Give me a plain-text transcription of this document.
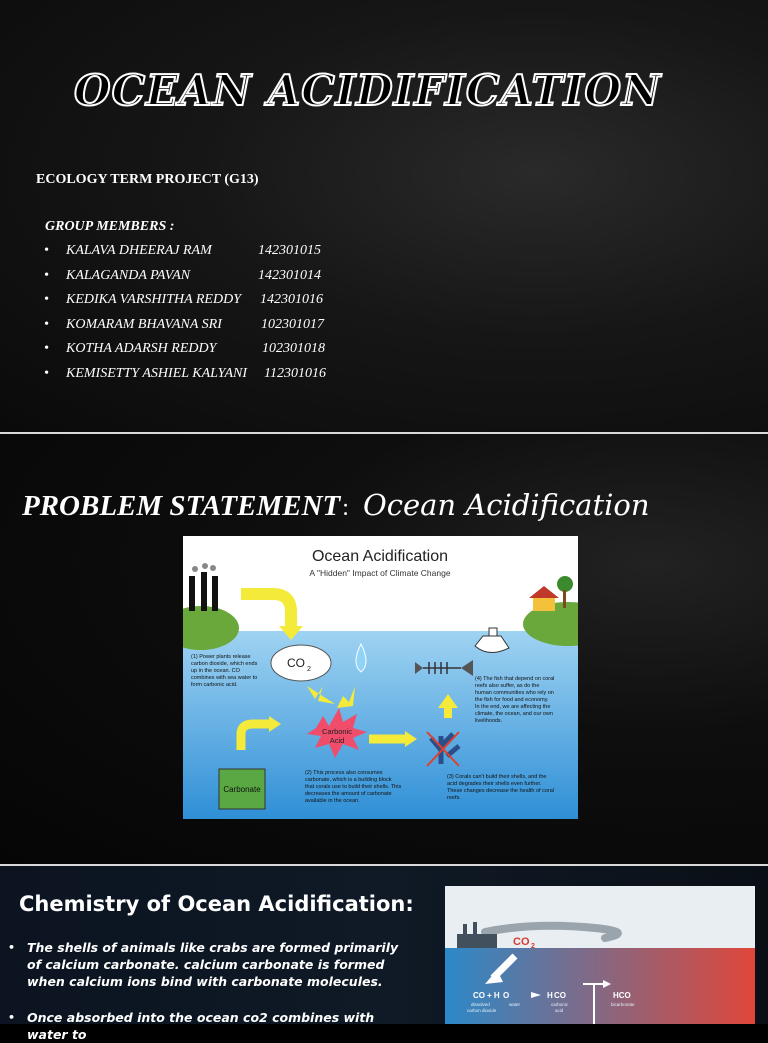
OCEAN ACIDIFICATION
ECOLOGY TERM PROJECT (G13)
GROUP MEMBERS :
• KALAVA DHEERAJ RAM	142301015
• KALAGANDA PAVAN	142301014
• KEDIKA VARSHITHA REDDY 142301016
• KOMARAM BHAVANA SRI	102301017
• KOTHA ADARSH REDDY	102301018
• KEMISETTY ASHIEL KALYANI 112301016
PROBLEM STATEMENT: Ocean Acidification
Ocean Acidification
A "Hidden" Impact of Climate Change
CO 2
Carbonic
Acid
Carbonate
(1) Power plants release
carbon dioxide, which ends
up in the ocean. CO
combines with sea water to
form carbonic acid.
(2) This process also consumes
carbonate, which is a building block
that corals use to build their shells. This
decreases the amount of carbonate
available in the ocean.
(3) Corals can't build their shells, and the
acid degrades their shells even further.
These changes decrease the health of coral
reefs.
(4) The fish that depend on coral
reefs also suffer, as do the
human communities who rely on
the fish for food and economy.
In the end, we are affecting the
climate, the ocean, and our own
livelihoods.
Chemistry of Ocean Acidification:
• The shells of animals like crabs are formed primarily of calcium carbonate. calcium carbonate is formed when calcium ions bind with carbonate molecules.
• Once absorbed into the ocean co2 combines with water to
CO 2
CO + H O	H CO	HCO
dissolved
carbon dioxide
water	carbonic
acid
bicarbonate
